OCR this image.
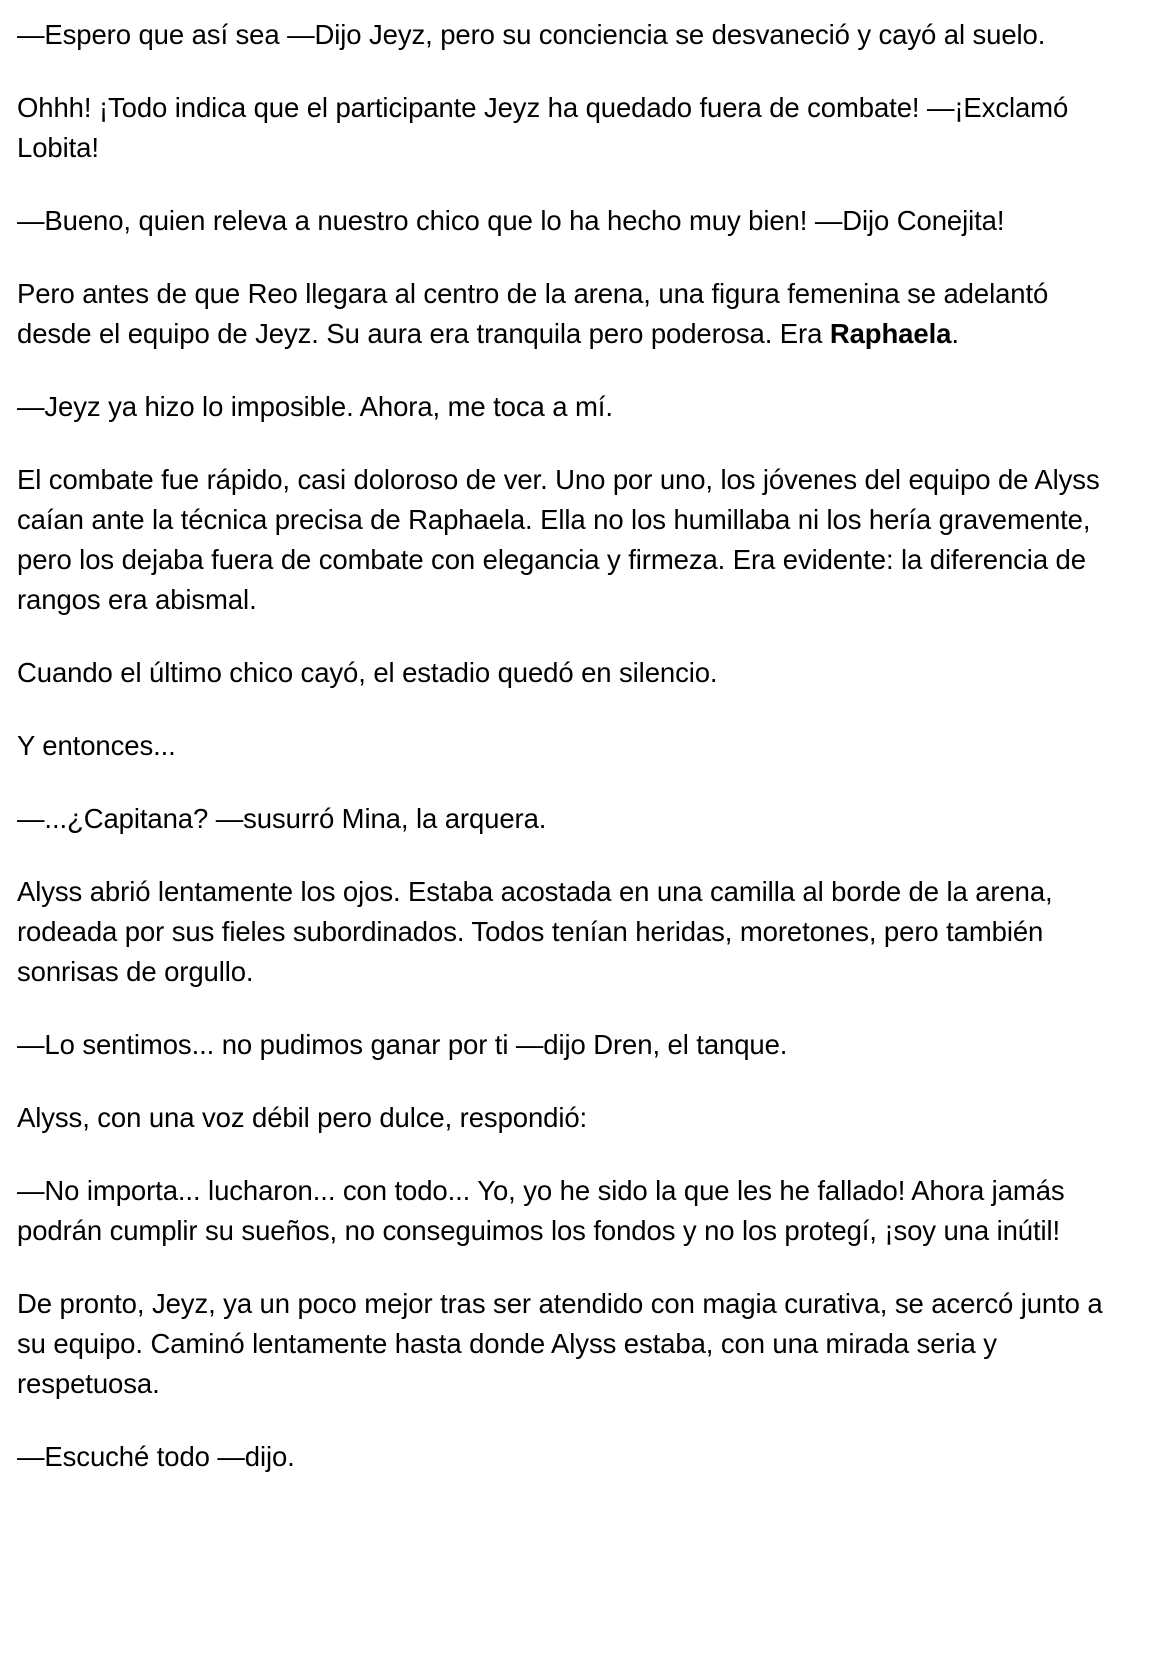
—Espero que así sea —Dijo Jeyz, pero su conciencia se desvaneció y cayó al suelo.

Ohhh! ¡Todo indica que el participante Jeyz ha quedado fuera de combate! —¡Exclamó Lobita!

—Bueno, quien releva a nuestro chico que lo ha hecho muy bien! —Dijo Conejita!

Pero antes de que Reo llegara al centro de la arena, una figura femenina se adelantó desde el equipo de Jeyz. Su aura era tranquila pero poderosa. Era Raphaela.

—Jeyz ya hizo lo imposible. Ahora, me toca a mí.

El combate fue rápido, casi doloroso de ver. Uno por uno, los jóvenes del equipo de Alyss caían ante la técnica precisa de Raphaela. Ella no los humillaba ni los hería gravemente, pero los dejaba fuera de combate con elegancia y firmeza. Era evidente: la diferencia de rangos era abismal.

Cuando el último chico cayó, el estadio quedó en silencio.

Y entonces...

—...¿Capitana? —susurró Mina, la arquera.

Alyss abrió lentamente los ojos. Estaba acostada en una camilla al borde de la arena, rodeada por sus fieles subordinados. Todos tenían heridas, moretones, pero también sonrisas de orgullo.

—Lo sentimos... no pudimos ganar por ti —dijo Dren, el tanque.

Alyss, con una voz débil pero dulce, respondió:

—No importa... lucharon... con todo... Yo, yo he sido la que les he fallado! Ahora jamás podrán cumplir su sueños, no conseguimos los fondos y no los protegí, ¡soy una inútil!

De pronto, Jeyz, ya un poco mejor tras ser atendido con magia curativa, se acercó junto a su equipo. Caminó lentamente hasta donde Alyss estaba, con una mirada seria y respetuosa.

—Escuché todo —dijo.
